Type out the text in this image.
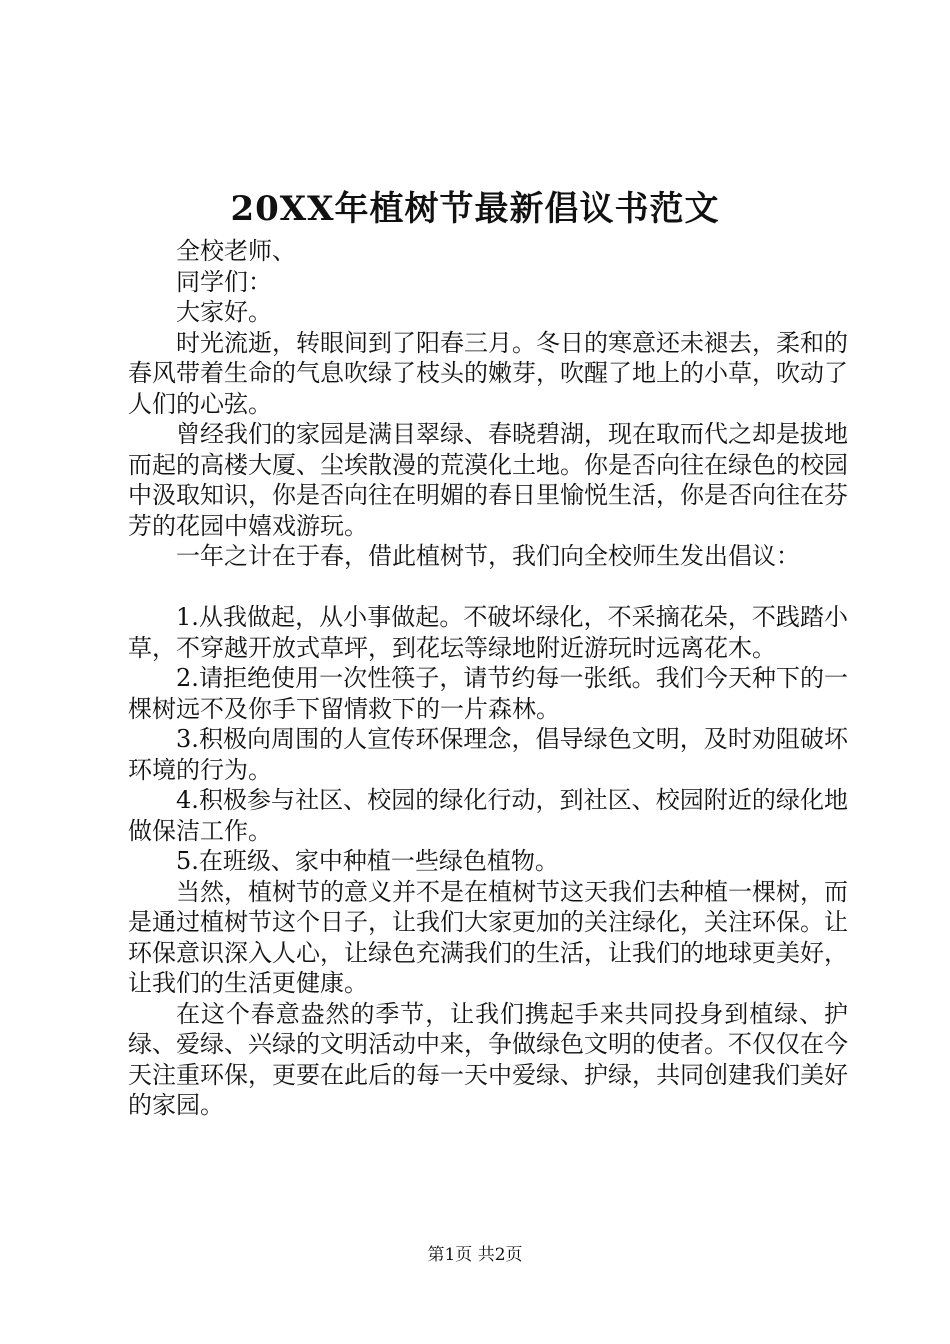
20XX年植树节最新倡议书范文

全校老师、

同学们：

大家好。

时光流逝，转眼间到了阳春三月。冬日的寒意还未褪去，柔和的春风带着生命的气息吹绿了枝头的嫩芽，吹醒了地上的小草，吹动了人们的心弦。

曾经我们的家园是满目翠绿、春晓碧湖，现在取而代之却是拔地而起的高楼大厦、尘埃散漫的荒漠化土地。你是否向往在绿色的校园中汲取知识，你是否向往在明媚的春日里愉悦生活，你是否向往在芬芳的花园中嬉戏游玩。

一年之计在于春，借此植树节，我们向全校师生发出倡议：

1.从我做起，从小事做起。不破坏绿化，不采摘花朵，不践踏小草，不穿越开放式草坪，到花坛等绿地附近游玩时远离花木。

2.请拒绝使用一次性筷子，请节约每一张纸。我们今天种下的一棵树远不及你手下留情救下的一片森林。

3.积极向周围的人宣传环保理念，倡导绿色文明，及时劝阻破坏环境的行为。

4.积极参与社区、校园的绿化行动，到社区、校园附近的绿化地做保洁工作。

5.在班级、家中种植一些绿色植物。

当然，植树节的意义并不是在植树节这天我们去种植一棵树，而是通过植树节这个日子，让我们大家更加的关注绿化，关注环保。让环保意识深入人心，让绿色充满我们的生活，让我们的地球更美好，让我们的生活更健康。

在这个春意盎然的季节，让我们携起手来共同投身到植绿、护绿、爱绿、兴绿的文明活动中来，争做绿色文明的使者。不仅仅在今天注重环保，更要在此后的每一天中爱绿、护绿，共同创建我们美好的家园。

第1页 共2页
